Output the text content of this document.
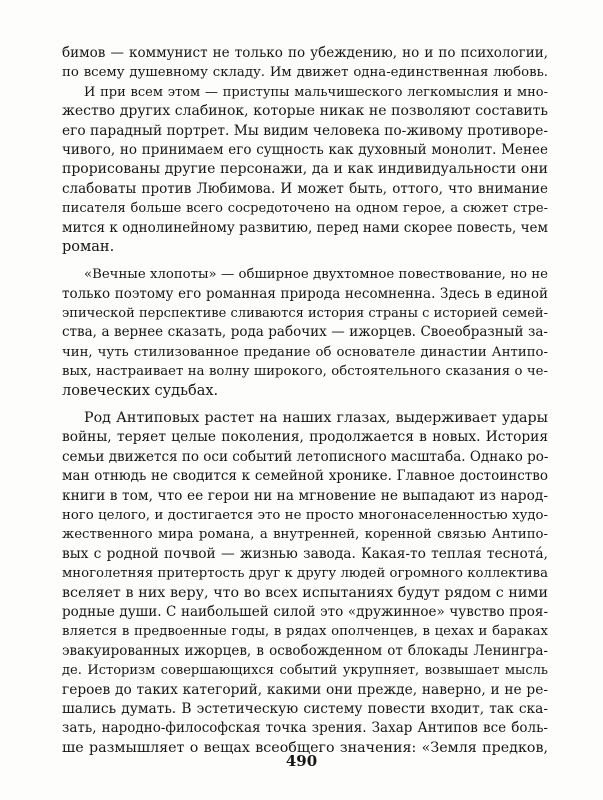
бимов — коммунист не только по убеждению, но и по психологии,
по всему душевному складу. Им движет одна-единственная любовь.
И при всем этом — приступы мальчишеского легкомыслия и мно-
жество других слабинок, которые никак не позволяют составить
его парадный портрет. Мы видим человека по-живому противоре-
чивого, но принимаем его сущность как духовный монолит. Менее
прорисованы другие персонажи, да и как индивидуальности они
слабоваты против Любимова. И может быть, оттого, что внимание
писателя больше всего сосредоточено на одном герое, а сюжет стре-
мится к однолинейному развитию, перед нами скорее повесть, чем
роман.
«Вечные хлопоты» — обширное двухтомное повествование, но не
только поэтому его романная природа несомненна. Здесь в единой
эпической перспективе сливаются история страны с историей семей-
ства, а вернее сказать, рода рабочих — ижорцев. Своеобразный за-
чин, чуть стилизованное предание об основателе династии Антипо-
вых, настраивает на волну широкого, обстоятельного сказания о че-
ловеческих судьбах.
Род Антиповых растет на наших глазах, выдерживает удары
войны, теряет целые поколения, продолжается в новых. История
семьи движется по оси событий летописного масштаба. Однако ро-
ман отнюдь не сводится к семейной хронике. Главное достоинство
книги в том, что ее герои ни на мгновение не выпадают из народ-
ного целого, и достигается это не просто многонаселенностью худо-
жественного мира романа, а внутренней, коренной связью Антипо-
вых с родной почвой — жизнью завода. Какая-то теплая теснотá,
многолетняя притертость друг к другу людей огромного коллектива
вселяет в них веру, что во всех испытаниях будут рядом с ними
родные души. С наибольшей силой это «дружинное» чувство проя-
вляется в предвоенные годы, в рядах ополченцев, в цехах и бараках
эвакуированных ижорцев, в освобожденном от блокады Ленингра-
де. Историзм совершающихся событий укрупняет, возвышает мысль
героев до таких категорий, какими они прежде, наверно, и не ре-
шались думать. В эстетическую систему повести входит, так ска-
зать, народно-философская точка зрения. Захар Антипов все боль-
ше размышляет о вещах всеобщего значения: «Земля предков,
490
